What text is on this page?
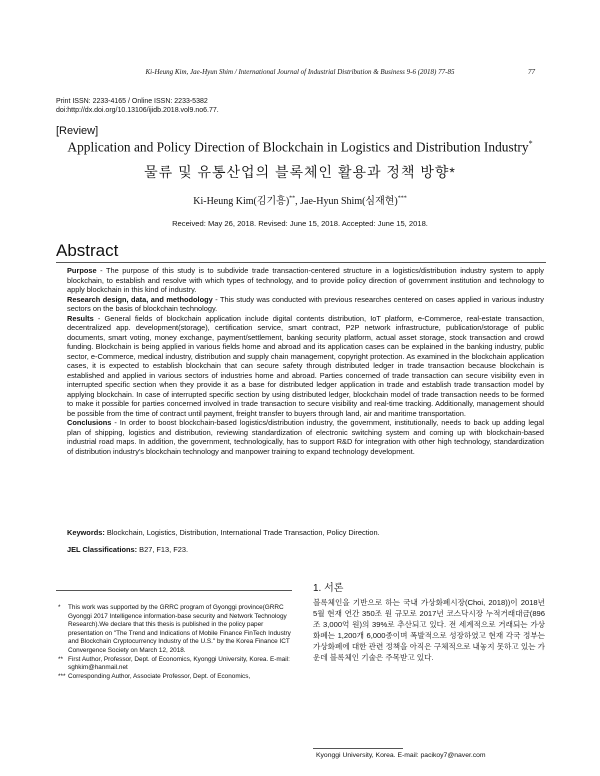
Ki-Heung Kim, Jae-Hyun Shim / International Journal of Industrial Distribution & Business 9-6 (2018) 77-85	77
Print ISSN: 2233-4165 / Online ISSN: 2233-5382
doi:http://dx.doi.org/10.13106/ijidb.2018.vol9.no6.77.
[Review]
Application and Policy Direction of Blockchain in Logistics and Distribution Industry*
물류 및 유통산업의 블록체인 활용과 정책 방향*
Ki-Heung Kim(김기흥)**, Jae-Hyun Shim(심재현)***
Received: May 26, 2018. Revised: June 15, 2018. Accepted: June 15, 2018.
Abstract

Purpose - The purpose of this study is to subdivide trade transaction-centered structure in a logistics/distribution industry system to apply blockchain, to establish and resolve with which types of technology, and to provide policy direction of government institution and technology to apply blockchain in this kind of industry.

Research design, data, and methodology - This study was conducted with previous researches centered on cases applied in various industry sectors on the basis of blockchain technology.

Results - General fields of blockchain application include digital contents distribution, IoT platform, e-Commerce, real-estate transaction, decentralized app. development(storage), certification service, smart contract, P2P network infrastructure, publication/storage of public documents, smart voting, money exchange, payment/settlement, banking security platform, actual asset storage, stock transaction and crowd funding. Blockchain is being applied in various fields home and abroad and its application cases can be explained in the banking industry, public sector, e-Commerce, medical industry, distribution and supply chain management, copyright protection. As examined in the blockchain application cases, it is expected to establish blockchain that can secure safety through distributed ledger in trade transaction because blockchain is established and applied in various sectors of industries home and abroad. Parties concerned of trade transaction can secure visibility even in interrupted specific section when they provide it as a base for distributed ledger application in trade and establish trade transaction model by applying blockchain. In case of interrupted specific section by using distributed ledger, blockchain model of trade transaction needs to be formed to make it possible for parties concerned involved in trade transaction to secure visibility and real-time tracking. Additionally, management should be possible from the time of contract until payment, freight transfer to buyers through land, air and maritime transportation.

Conclusions - In order to boost blockchain-based logistics/distribution industry, the government, institutionally, needs to back up adding legal plan of shipping, logistics and distribution, reviewing standardization of electronic switching system and coming up with blockchain-based industrial road maps. In addition, the government, technologically, has to support R&D for integration with other high technology, standardization of distribution industry's blockchain technology and manpower training to expand technology development.

Keywords: Blockchain, Logistics, Distribution, International Trade Transaction, Policy Direction.
JEL Classifications: B27, F13, F23.

* This work was supported by the GRRC program of Gyonggi province(GRRC Gyonggi 2017 Intelligence information-base security and Network Technology Research).We declare that this thesis is published in the policy paper presentation on "The Trend and Indications of Mobile Finance FinTech Industry and Blockchain Cryptocurrency Industry of the U.S." by the Korea Finance ICT Convergence Society on March 12, 2018.

** First Author, Professor, Dept. of Economics, Kyonggi University, Korea. E-mail: sghkim@hanmail.net

*** Corresponding Author, Associate Professor, Dept. of Economics,

1. 서론
블록체인을 기반으로 하는 국내 가상화폐시장(Choi, 2018))이 2018년 5월 현재 연간 350조 원 규모로 2017년 코스닥시장 누적거래대금(896조 3,000억 원)의 39%로 추산되고 있다. 전 세계적으로 거래되는 가상화폐는 1,200개 6,000종이며 폭발적으로 성장하였고 현재 각국 정부는 가상화폐에 대한 관련 정책을 아직은 구체적으로 내놓지 못하고 있는 가운데 블록체인 기술은 주목받고 있다.
Kyonggi University, Korea. E-mail: pacikoy7@naver.com
